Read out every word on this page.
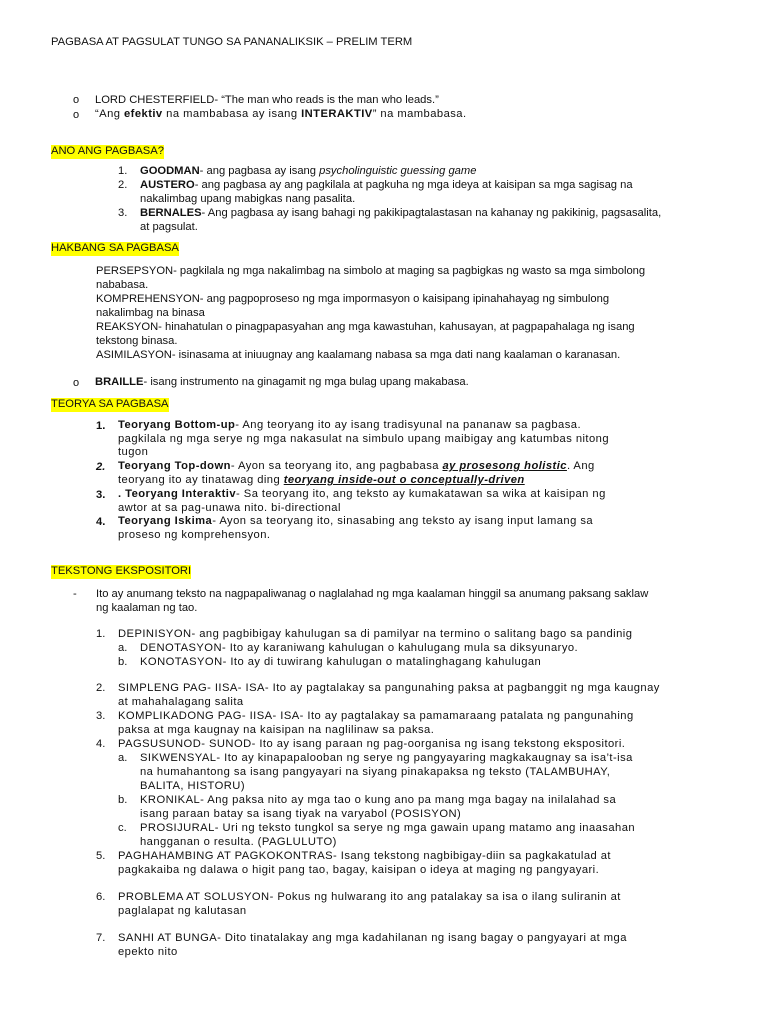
PAGBASA AT PAGSULAT TUNGO SA PANANALIKSIK – PRELIM TERM
o LORD CHESTERFIELD- “The man who reads is the man who leads.”
o “Ang efektiv na mambabasa ay isang INTERAKTIV” na mambabasa.
ANO ANG PAGBASA?
1. GOODMAN- ang pagbasa ay isang psycholinguistic guessing game
2. AUSTERO- ang pagbasa ay ang pagkilala at pagkuha ng mga ideya at kaisipan sa mga sagisag na
nakalimbag upang mabigkas nang pasalita.
3. BERNALES- Ang pagbasa ay isang bahagi ng pakikipagtalastasan na kahanay ng pakikinig, pagsasalita,
at pagsulat.
HAKBANG SA PAGBASA
PERSEPSYON- pagkilala ng mga nakalimbag na simbolo at maging sa pagbigkas ng wasto sa mga simbolong
nababasa.
KOMPREHENSYON- ang pagpoproseso ng mga impormasyon o kaisipang ipinahahayag ng simbulong
nakalimbag na binasa
REAKSYON- hinahatulan o pinagpapasyahan ang mga kawastuhan, kahusayan, at pagpapahalaga ng isang
tekstong binasa.
ASIMILASYON- isinasama at iniuugnay ang kaalamang nabasa sa mga dati nang kaalaman o karanasan.
o BRAILLE- isang instrumento na ginagamit ng mga bulag upang makabasa.
TEORYA SA PAGBASA
1. Teoryang Bottom-up- Ang teoryang ito ay isang tradisyunal na pananaw sa pagbasa.
pagkilala ng mga serye ng mga nakasulat na simbulo upang maibigay ang katumbas nitong
tugon
2. Teoryang Top-down- Ayon sa teoryang ito, ang pagbabasa ay prosesong holistic. Ang
teoryang ito ay tinatawag ding teoryang inside-out o conceptually-driven
3. . Teoryang Interaktiv- Sa teoryang ito, ang teksto ay kumakatawan sa wika at kaisipan ng
awtor at sa pag-unawa nito. bi-directional
4. Teoryang Iskima- Ayon sa teoryang ito, sinasabing ang teksto ay isang input lamang sa
proseso ng komprehensyon.
TEKSTONG EKSPOSITORI
- Ito ay anumang teksto na nagpapaliwanag o naglalahad ng mga kaalaman hinggil sa anumang paksang saklaw
ng kaalaman ng tao.
1. DEPINISYON- ang pagbibigay kahulugan sa di pamilyar na termino o salitang bago sa pandinig
a. DENOTASYON- Ito ay karaniwang kahulugan o kahulugang mula sa diksyunaryo.
b. KONOTASYON- Ito ay di tuwirang kahulugan o matalinghagang kahulugan
2. SIMPLENG PAG- IISA- ISA- Ito ay pagtalakay sa pangunahing paksa at pagbanggit ng mga kaugnay
at mahahalagang salita
3. KOMPLIKADONG PAG- IISA- ISA- Ito ay pagtalakay sa pamamaraang patalata ng pangunahing
paksa at mga kaugnay na kaisipan na naglilinaw sa paksa.
4. PAGSUSUNOD- SUNOD- Ito ay isang paraan ng pag-oorganisa ng isang tekstong ekspositori.
a. SIKWENSYAL- Ito ay kinapapalooban ng serye ng pangyayaring magkakaugnay sa isa’t-isa
na humahantong sa isang pangyayari na siyang pinakapaksa ng teksto (TALAMBUHAY,
BALITA, HISTORU)
b. KRONIKAL- Ang paksa nito ay mga tao o kung ano pa mang mga bagay na inilalahad sa
isang paraan batay sa isang tiyak na varyabol (POSISYON)
c. PROSIJURAL- Uri ng teksto tungkol sa serye ng mga gawain upang matamo ang inaasahan
hangganan o resulta. (PAGLULUTO)
5. PAGHAHAMBING AT PAGKOKONTRAS- Isang tekstong nagbibigay-diin sa pagkakatulad at
pagkakaiba ng dalawa o higit pang tao, bagay, kaisipan o ideya at maging ng pangyayari.
6. PROBLEMA AT SOLUSYON- Pokus ng hulwarang ito ang patalakay sa isa o ilang suliranin at
paglalapat ng kalutasan
7. SANHI AT BUNGA- Dito tinatalakay ang mga kadahilanan ng isang bagay o pangyayari at mga
epekto nito
